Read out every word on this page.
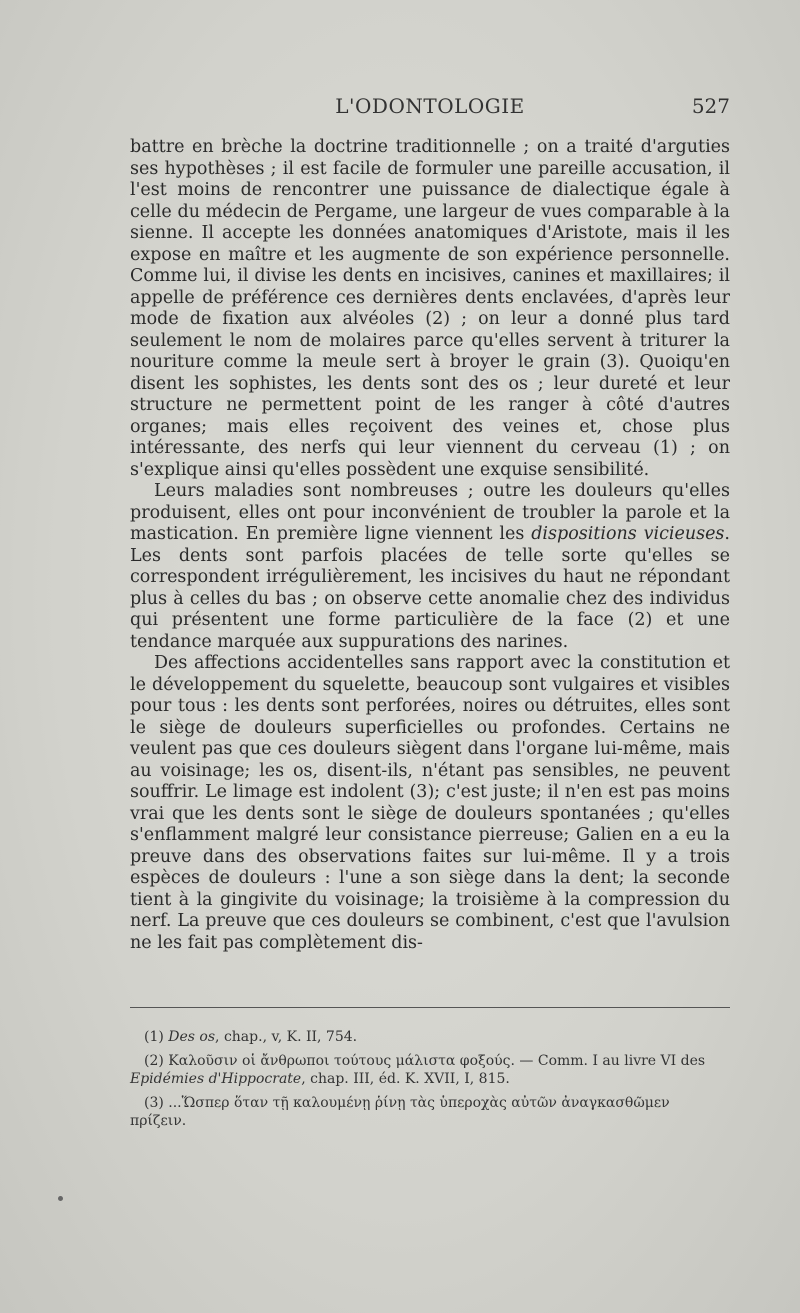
L'ODONTOLOGIE	527

battre en brèche la doctrine traditionnelle ; on a traité d'arguties ses hypothèses ; il est facile de formuler une pareille accusation, il l'est moins de rencontrer une puissance de dialectique égale à celle du médecin de Pergame, une largeur de vues comparable à la sienne. Il accepte les données anatomiques d'Aristote, mais il les expose en maître et les augmente de son expérience personnelle. Comme lui, il divise les dents en incisives, canines et maxillaires; il appelle de préférence ces dernières dents enclavées, d'après leur mode de fixation aux alvéoles (2) ; on leur a donné plus tard seulement le nom de molaires parce qu'elles servent à triturer la nouriture comme la meule sert à broyer le grain (3). Quoiqu'en disent les sophistes, les dents sont des os ; leur dureté et leur structure ne permettent point de les ranger à côté d'autres organes; mais elles reçoivent des veines et, chose plus intéressante, des nerfs qui leur viennent du cerveau (1) ; on s'explique ainsi qu'elles possèdent une exquise sensibilité.

Leurs maladies sont nombreuses ; outre les douleurs qu'elles produisent, elles ont pour inconvénient de troubler la parole et la mastication. En première ligne viennent les dispositions vicieuses. Les dents sont parfois placées de telle sorte qu'elles se correspondent irrégulièrement, les incisives du haut ne répondant plus à celles du bas ; on observe cette anomalie chez des individus qui présentent une forme particulière de la face (2) et une tendance marquée aux suppurations des narines.

Des affections accidentelles sans rapport avec la constitution et le développement du squelette, beaucoup sont vulgaires et visibles pour tous : les dents sont perforées, noires ou détruites, elles sont le siège de douleurs superficielles ou profondes. Certains ne veulent pas que ces douleurs siègent dans l'organe lui-même, mais au voisinage; les os, disent-ils, n'étant pas sensibles, ne peuvent souffrir. Le limage est indolent (3); c'est juste; il n'en est pas moins vrai que les dents sont le siège de douleurs spontanées ; qu'elles s'enflamment malgré leur consistance pierreuse; Galien en a eu la preuve dans des observations faites sur lui-même. Il y a trois espèces de douleurs : l'une a son siège dans la dent; la seconde tient à la gingivite du voisinage; la troisième à la compression du nerf. La preuve que ces douleurs se combinent, c'est que l'avulsion ne les fait pas complètement dis-

(1) Des os, chap., v, K. II, 754.

(2) Καλοῦσιν οἱ ἄνθρωποι τούτους μάλιστα φοξούς. — Comm. I au livre VI des Epidémies d'Hippocrate, chap. III, éd. K. XVII, I, 815.

(3) ...Ὥσπερ ὅταν τῇ καλουμένῃ ῥίνῃ τὰς ὑπεροχὰς αὐτῶν ἀναγκασθῶμεν πρίζειν.
